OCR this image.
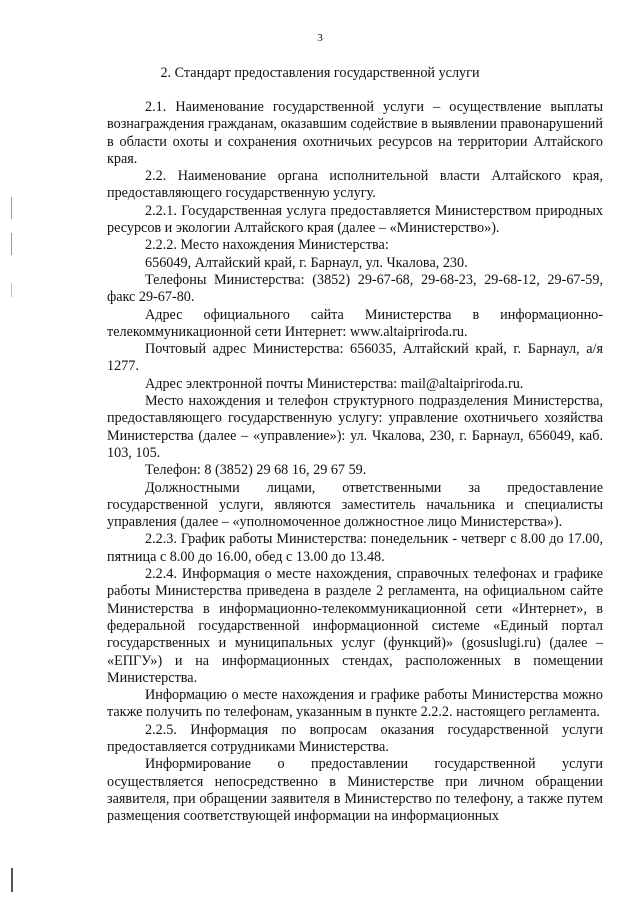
3
2. Стандарт предоставления государственной услуги

2.1. Наименование государственной услуги – осуществление выплаты вознаграждения гражданам, оказавшим содействие в выявлении правонарушений в области охоты и сохранения охотничьих ресурсов на территории Алтайского края.

2.2. Наименование органа исполнительной власти Алтайского края, предоставляющего государственную услугу.

2.2.1. Государственная услуга предоставляется Министерством природных ресурсов и экологии Алтайского края (далее – «Министерство»).

2.2.2. Место нахождения Министерства:

656049, Алтайский край, г. Барнаул, ул. Чкалова, 230.

Телефоны Министерства: (3852) 29-67-68, 29-68-23, 29-68-12, 29-67-59, факс 29-67-80.

Адрес официального сайта Министерства в информационно-телекоммуникационной сети Интернет: www.altaipriroda.ru.

Почтовый адрес Министерства: 656035, Алтайский край, г. Барнаул, а/я 1277.

Адрес электронной почты Министерства: mail@altaipriroda.ru.

Место нахождения и телефон структурного подразделения Министерства, предоставляющего государственную услугу: управление охотничьего хозяйства Министерства (далее – «управление»): ул. Чкалова, 230, г. Барнаул, 656049, каб. 103, 105.

Телефон: 8 (3852) 29 68 16, 29 67 59.

Должностными лицами, ответственными за предоставление государственной услуги, являются заместитель начальника и специалисты управления (далее – «уполномоченное должностное лицо Министерства»).

2.2.3. График работы Министерства: понедельник - четверг с 8.00 до 17.00, пятница с 8.00 до 16.00, обед с 13.00 до 13.48.

2.2.4. Информация о месте нахождения, справочных телефонах и графике работы Министерства приведена в разделе 2 регламента, на официальном сайте Министерства в информационно-телекоммуникационной сети «Интернет», в федеральной государственной информационной системе «Единый портал государственных и муниципальных услуг (функций)» (gosuslugi.ru) (далее – «ЕПГУ») и на информационных стендах, расположенных в помещении Министерства.

Информацию о месте нахождения и графике работы Министерства можно также получить по телефонам, указанным в пункте 2.2.2. настоящего регламента.

2.2.5. Информация по вопросам оказания государственной услуги предоставляется сотрудниками Министерства.

Информирование о предоставлении государственной услуги осуществляется непосредственно в Министерстве при личном обращении заявителя, при обращении заявителя в Министерство по телефону, а также путем размещения соответствующей информации на информационных
